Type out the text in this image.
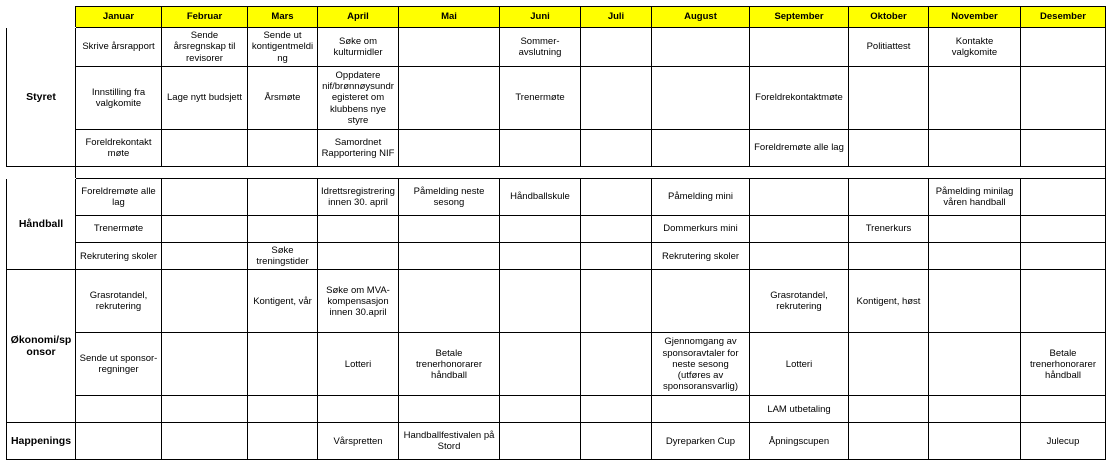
	Januar	Februar	Mars	April	Mai	Juni	Juli	August	September	Oktober	November	Desember
Styret	Skrive årsrapport	Sende årsregnskap til revisorer	Sende ut kontigentmelding	Søke om kulturmidler		Sommer-avslutning				Politiattest	Kontakte valgkomite	
	Innstilling fra valgkomite	Lage nytt budsjett	Årsmøte	Oppdatere nif/brønnøysundregisteret om klubbens nye styre		Trenermøte			Foreldrekontaktmøte			
	Foreldrekontakt møte			Samordnet Rapportering NIF					Foreldremøte alle lag			

Håndball	Foreldremøte alle lag			Idrettsregistrering innen 30. april	Påmelding neste sesong	Håndballskule		Påmelding mini			Påmelding minilag våren handball	
	Trenermøte							Dommerkurs mini		Trenerkurs		
	Rekrutering skoler		Søke treningstider					Rekrutering skoler				
Økonomi/sponsor	Grasrotandel, rekrutering		Kontigent, vår	Søke om MVA-kompensasjon innen 30.april					Grasrotandel, rekrutering	Kontigent, høst		
	Sende ut sponsor-regninger			Lotteri	Betale trenerhonorarer håndball			Gjennomgang av sponsoravtaler for neste sesong (utføres av sponsoransvarlig)	Lotteri			Betale trenerhonorarer håndball
									LAM utbetaling			
Happenings				Vårspretten	Handballfestivalen på Stord			Dyreparken Cup	Åpningscupen			Julecup
